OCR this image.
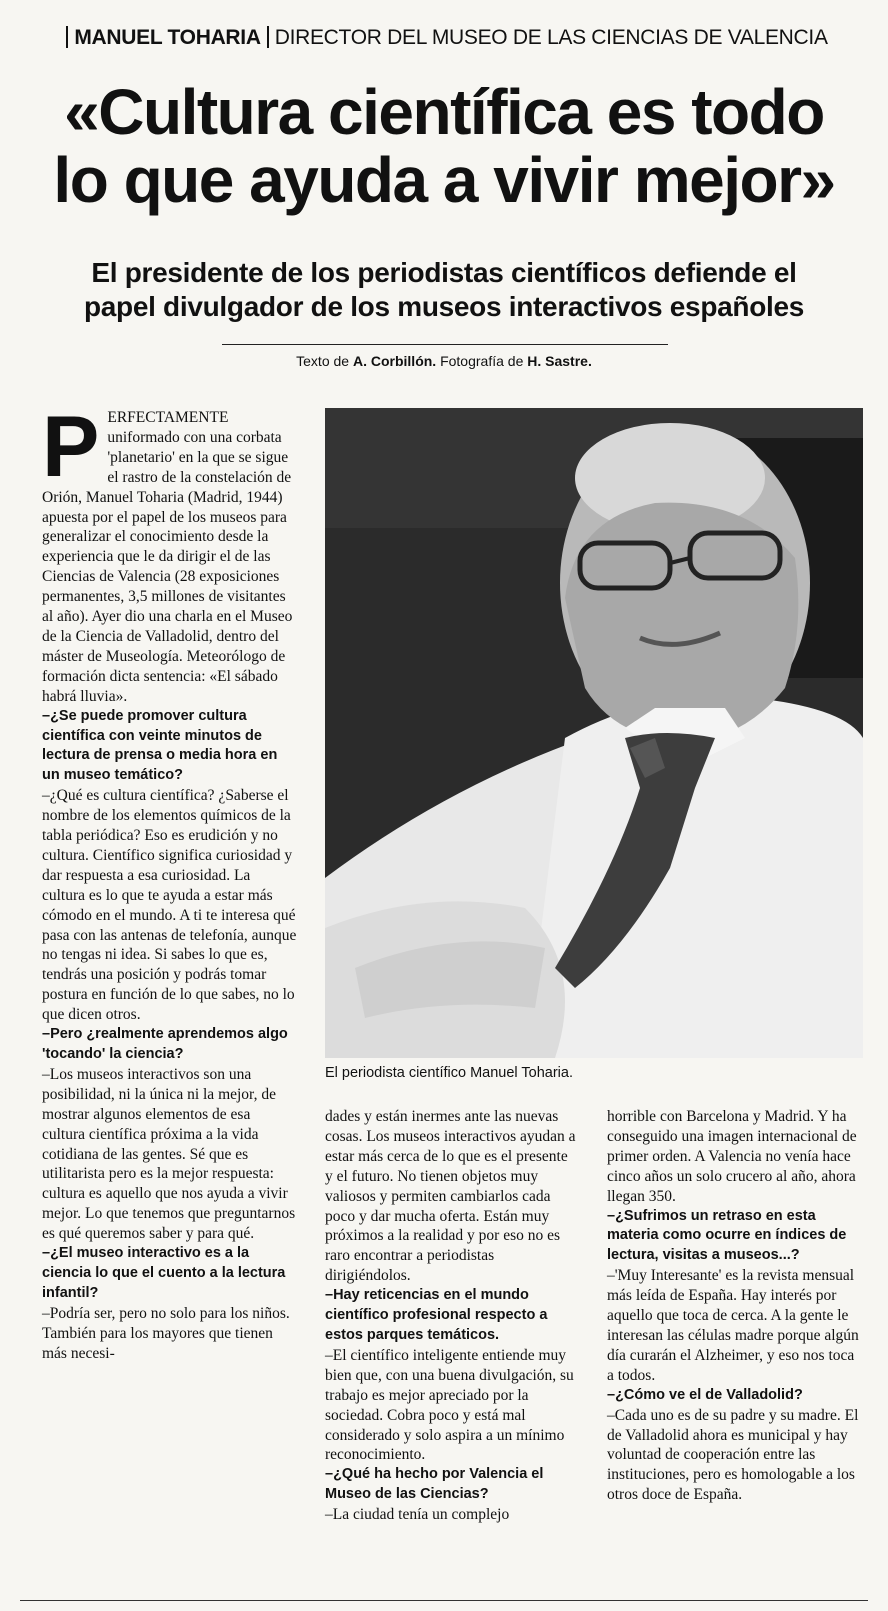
MANUEL TOHARIA DIRECTOR DEL MUSEO DE LAS CIENCIAS DE VALENCIA
«Cultura científica es todo
lo que ayuda a vivir mejor»
El presidente de los periodistas científicos defiende el
papel divulgador de los museos interactivos españoles
Texto de A. Corbillón. Fotografía de H. Sastre.
P ERFECTAMENTE uniformado con una corbata 'planetario' en la que se sigue el rastro de la constelación de Orión, Manuel Toharia (Madrid, 1944) apuesta por el papel de los museos para generalizar el conocimiento desde la experiencia que le da dirigir el de las Ciencias de Valencia (28 exposiciones permanentes, 3,5 millones de visitantes al año). Ayer dio una charla en el Museo de la Ciencia de Valladolid, dentro del máster de Museología. Meteorólogo de formación dicta sentencia: «El sábado habrá lluvia».

–¿Se puede promover cultura científica con veinte minutos de lectura de prensa o media hora en un museo temático?

–¿Qué es cultura científica? ¿Saberse el nombre de los elementos químicos de la tabla periódica? Eso es erudición y no cultura. Científico significa curiosidad y dar respuesta a esa curiosidad. La cultura es lo que te ayuda a estar más cómodo en el mundo. A ti te interesa qué pasa con las antenas de telefonía, aunque no tengas ni idea. Si sabes lo que es, tendrás una posición y podrás tomar postura en función de lo que sabes, no lo que dicen otros.

–Pero ¿realmente aprendemos algo 'tocando' la ciencia?

–Los museos interactivos son una posibilidad, ni la única ni la mejor, de mostrar algunos elementos de esa cultura científica próxima a la vida cotidiana de las gentes. Sé que es utilitarista pero es la mejor respuesta: cultura es aquello que nos ayuda a vivir mejor. Lo que tenemos que preguntarnos es qué queremos saber y para qué.

–¿El museo interactivo es a la ciencia lo que el cuento a la lectura infantil?

–Podría ser, pero no solo para los niños. También para los mayores que tienen más necesi-

El periodista científico Manuel Toharia.

dades y están inermes ante las nuevas cosas. Los museos interactivos ayudan a estar más cerca de lo que es el presente y el futuro. No tienen objetos muy valiosos y permiten cambiarlos cada poco y dar mucha oferta. Están muy próximos a la realidad y por eso no es raro encontrar a periodistas dirigiéndolos.

–Hay reticencias en el mundo científico profesional respecto a estos parques temáticos.

–El científico inteligente entiende muy bien que, con una buena divulgación, su trabajo es mejor apreciado por la sociedad. Cobra poco y está mal considerado y solo aspira a un mínimo reconocimiento.

–¿Qué ha hecho por Valencia el Museo de las Ciencias?

–La ciudad tenía un complejo

horrible con Barcelona y Madrid. Y ha conseguido una imagen internacional de primer orden. A Valencia no venía hace cinco años un solo crucero al año, ahora llegan 350.

–¿Sufrimos un retraso en esta materia como ocurre en índices de lectura, visitas a museos...?

–'Muy Interesante' es la revista mensual más leída de España. Hay interés por aquello que toca de cerca. A la gente le interesan las células madre porque algún día curarán el Alzheimer, y eso nos toca a todos.

–¿Cómo ve el de Valladolid?

–Cada uno es de su padre y su madre. El de Valladolid ahora es municipal y hay voluntad de cooperación entre las instituciones, pero es homologable a los otros doce de España.
